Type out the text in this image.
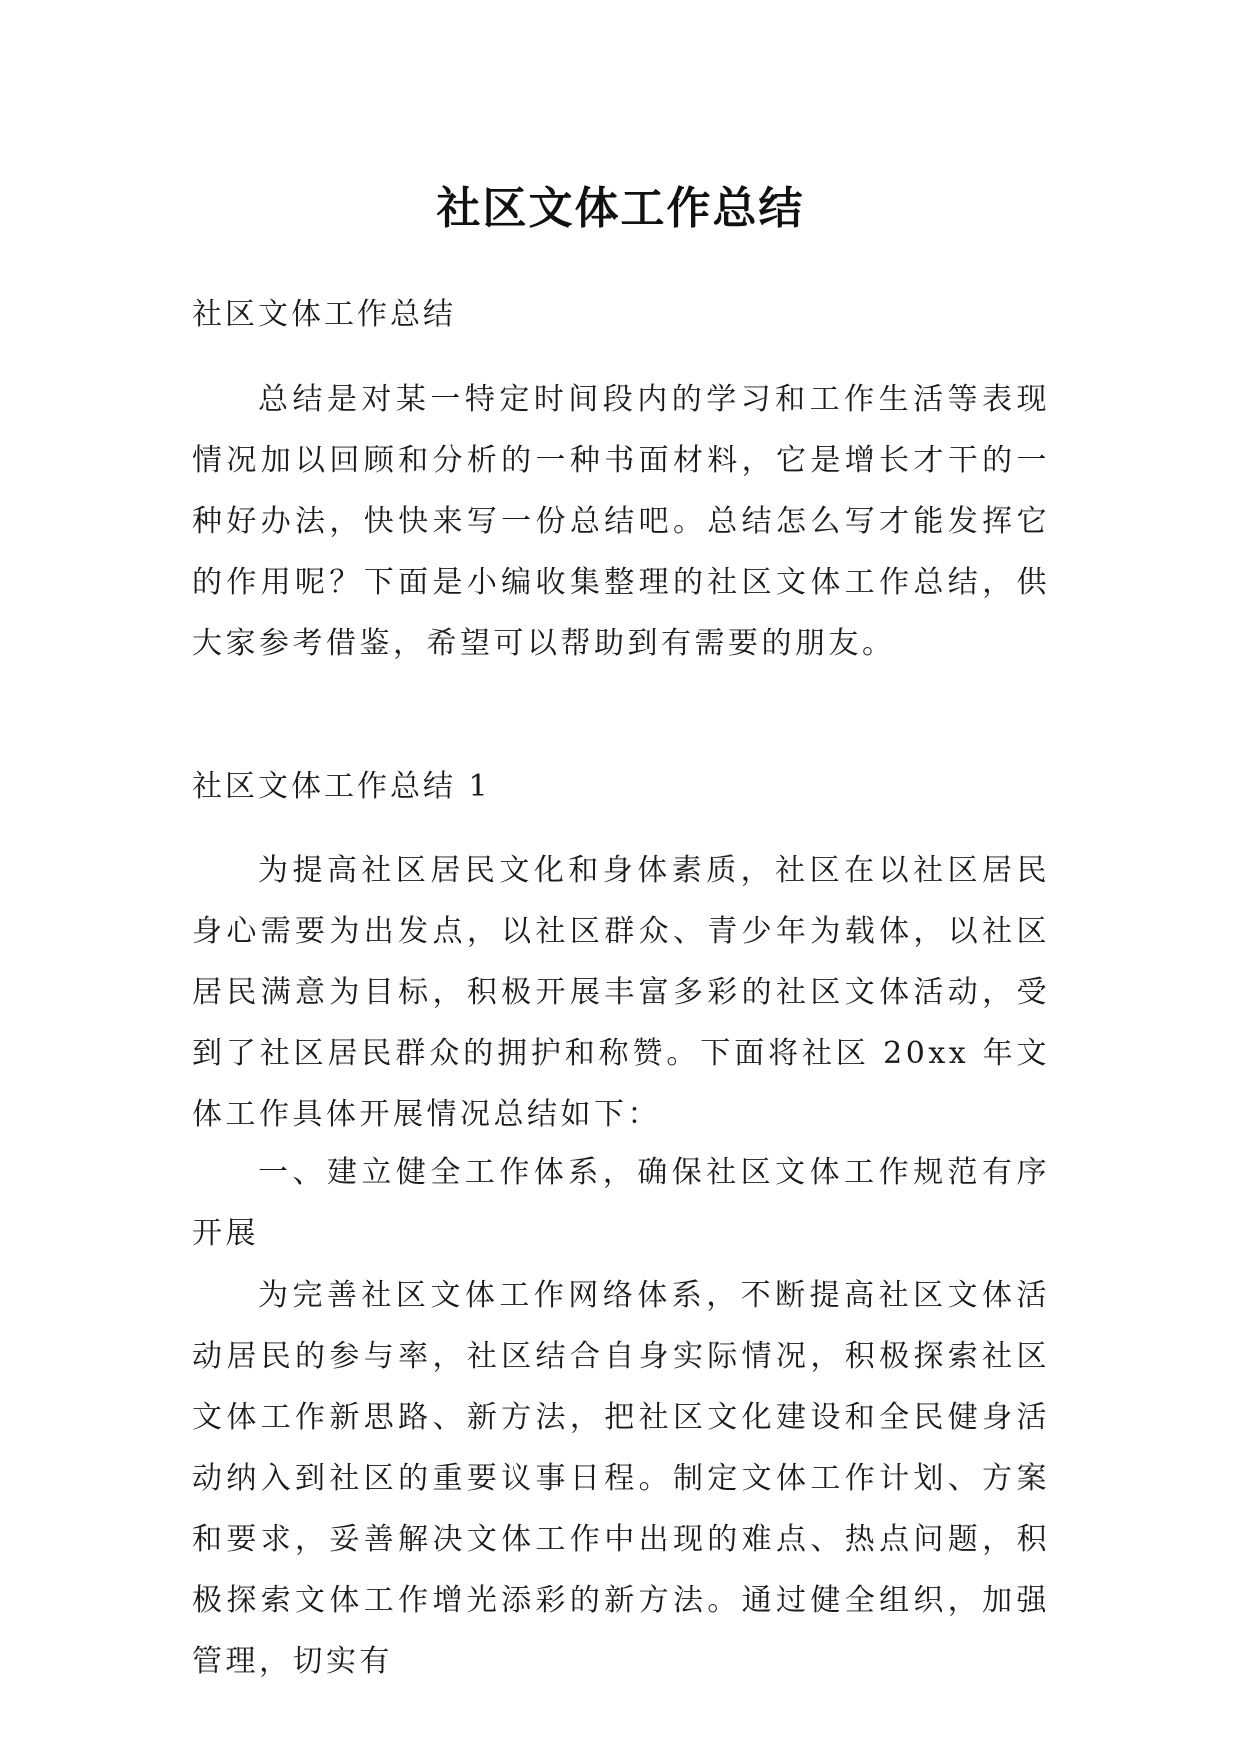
社区文体工作总结
社区文体工作总结

总结是对某一特定时间段内的学习和工作生活等表现情况加以回顾和分析的一种书面材料，它是增长才干的一种好办法，快快来写一份总结吧。总结怎么写才能发挥它的作用呢？下面是小编收集整理的社区文体工作总结，供大家参考借鉴，希望可以帮助到有需要的朋友。

社区文体工作总结 1

为提高社区居民文化和身体素质，社区在以社区居民身心需要为出发点，以社区群众、青少年为载体，以社区居民满意为目标，积极开展丰富多彩的社区文体活动，受到了社区居民群众的拥护和称赞。下面将社区 20xx 年文体工作具体开展情况总结如下：

一、建立健全工作体系，确保社区文体工作规范有序开展

为完善社区文体工作网络体系，不断提高社区文体活动居民的参与率，社区结合自身实际情况，积极探索社区文体工作新思路、新方法，把社区文化建设和全民健身活动纳入到社区的重要议事日程。制定文体工作计划、方案和要求，妥善解决文体工作中出现的难点、热点问题，积极探索文体工作增光添彩的新方法。通过健全组织，加强管理，切实有
